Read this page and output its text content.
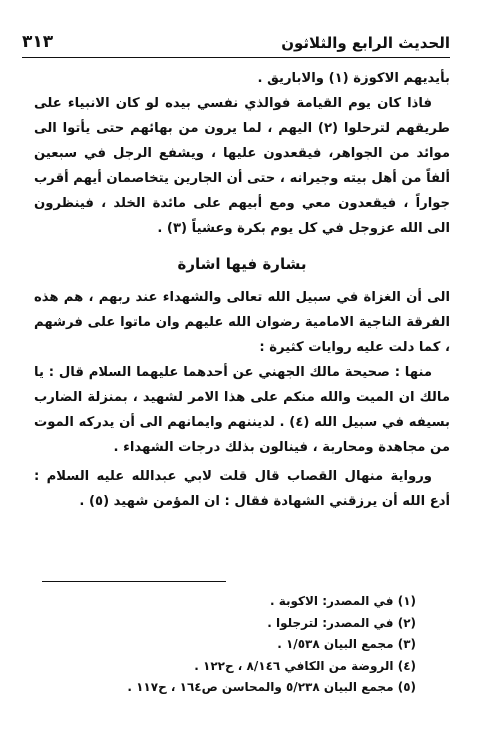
الحديث الرابع والثلاثون
٣١٣

بأيديهم الاكوزة (١) والاباريق .

فاذا كان يوم القيامة فوالذي نفسي بيده لو كان الانبياء على طريقهم لترحلوا (٢) اليهم ، لما يرون من بهائهم حتى يأتوا الى موائد من الجواهر، فيقعدون عليها ، ويشفع الرجل في سبعين ألفاً من أهل بيته وجيرانه ، حتى أن الجارين يتخاصمان أيهم أقرب جواراً ، فيقعدون معي ومع أبيهم على مائدة الخلد ، فينظرون الى الله عزوجل في كل يوم بكرة وعشياً (٣) .

بشارة فيها اشارة

الى أن الغزاة في سبيل الله تعالى والشهداء عند ربهم ، هم هذه الفرقة الناجية الامامية رضوان الله عليهم وان ماتوا على فرشهم ، كما دلت عليه روايات كثيرة :

منها : صحيحة مالك الجهني عن أحدهما عليهما السلام قال : يا مالك ان الميت والله منكم على هذا الامر لشهيد ، بمنزلة الضارب بسيفه في سبيل الله (٤) . لديننهم وايمانهم الى أن يدركه الموت من مجاهدة ومحاربة ، فينالون بذلك درجات الشهداء .

ورواية منهال القصاب قال قلت لابي عبدالله عليه السلام : أدع الله أن يرزقني الشهادة فقال : ان المؤمن شهيد (٥) .

(١) في المصدر: الاكوبة .
(٢) في المصدر: لترجلوا .
(٣) مجمع البيان ١/٥٣٨ .
(٤) الروضة من الكافي ٨/١٤٦ ، ح١٢٢ .
(٥) مجمع البيان ٥/٢٣٨ والمحاسن ص١٦٤ ، ح١١٧ .
